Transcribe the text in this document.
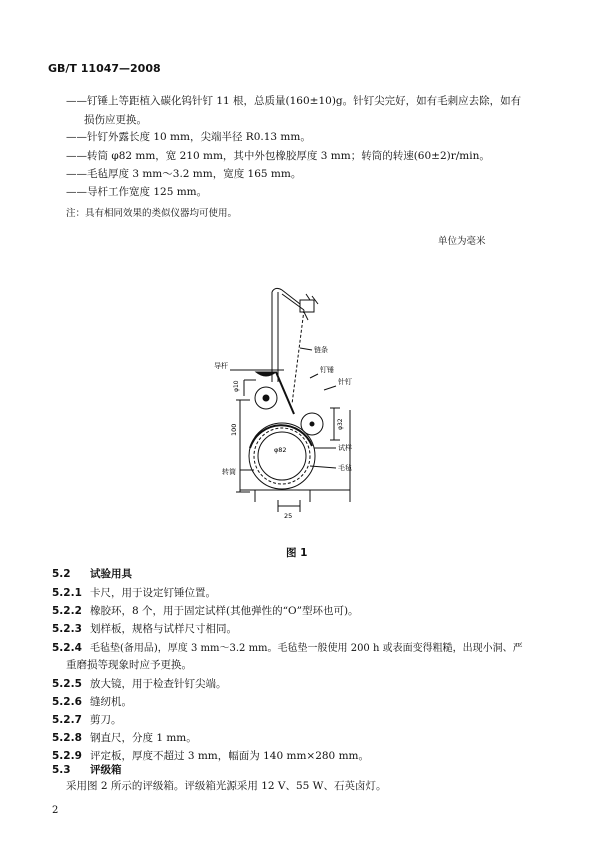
GB/T 11047—2008
——钉锤上等距植入碳化钨针钉 11 根，总质量(160±10)g。针钉尖完好，如有毛刺应去除，如有
损伤应更换。
——针钉外露长度 10 mm，尖端半径 R0.13 mm。
——转筒 φ82 mm，宽 210 mm，其中外包橡胶厚度 3 mm；转筒的转速(60±2)r/min。
——毛毡厚度 3 mm～3.2 mm，宽度 165 mm。
——导杆工作宽度 125 mm。
注：具有相同效果的类似仪器均可使用。
单位为毫米
导杆
链条
钉锤
针钉
试样
毛毡
转筒
φ10
φ82
100	φ32
25
图 1
5.2 试验用具
5.2.1 卡尺，用于设定钉锤位置。
5.2.2 橡胶环，8 个，用于固定试样(其他弹性的“O”型环也可)。
5.2.3 划样板，规格与试样尺寸相同。
5.2.4 毛毡垫(备用品)，厚度 3 mm～3.2 mm。毛毡垫一般使用 200 h 或表面变得粗糙，出现小洞、严
重磨损等现象时应予更换。
5.2.5 放大镜，用于检查针钉尖端。
5.2.6 缝纫机。
5.2.7 剪刀。
5.2.8 钢直尺，分度 1 mm。
5.2.9 评定板，厚度不超过 3 mm，幅面为 140 mm×280 mm。
5.3 评级箱
采用图 2 所示的评级箱。评级箱光源采用 12 V、55 W、石英卤灯。
2
